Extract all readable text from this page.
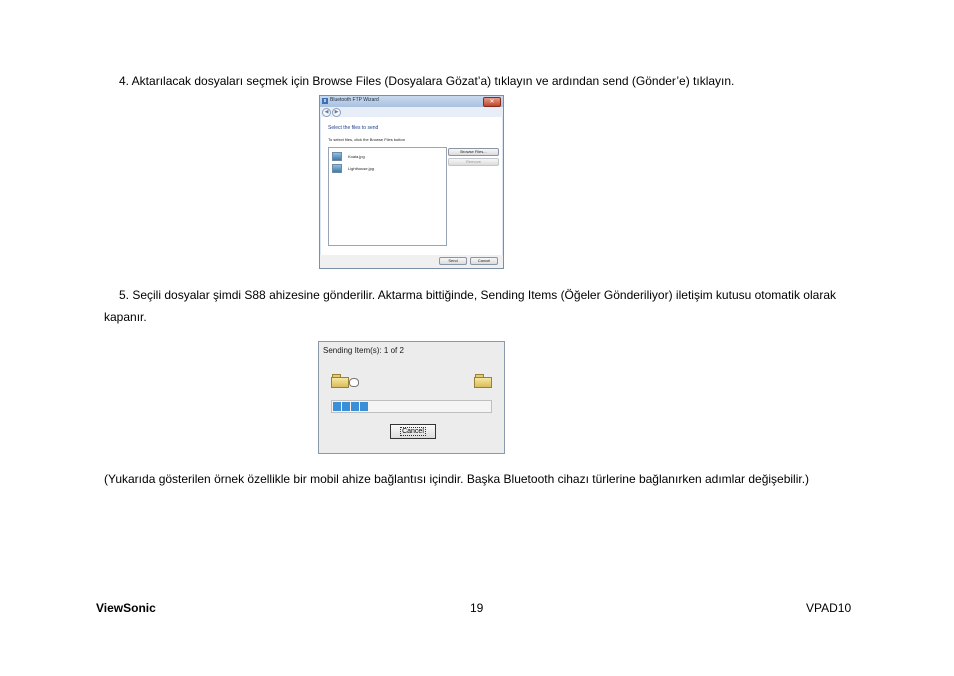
4. Aktarılacak dosyaları seçmek için Browse Files (Dosyalara Gözat’a) tıklayın ve ardından send (Gönder’e) tıklayın.

ʙ Bluetooth FTP Wizard	✕
◀	▶
Select the files to send
To select files, click the Browse Files button
Koala.jpg
Lighthouse.jpg
Browse Files...
Remove
Send	Cancel

5. Seçili dosyalar şimdi S88 ahizesine gönderilir. Aktarma bittiğinde, Sending Items (Öğeler Gönderiliyor) iletişim kutusu otomatik olarak kapanır.

Sending Item(s): 1 of 2
Cancel

(Yukarıda gösterilen örnek özellikle bir mobil ahize bağlantısı içindir. Başka Bluetooth cihazı türlerine bağlanırken adımlar değişebilir.)

ViewSonic	19	VPAD10
